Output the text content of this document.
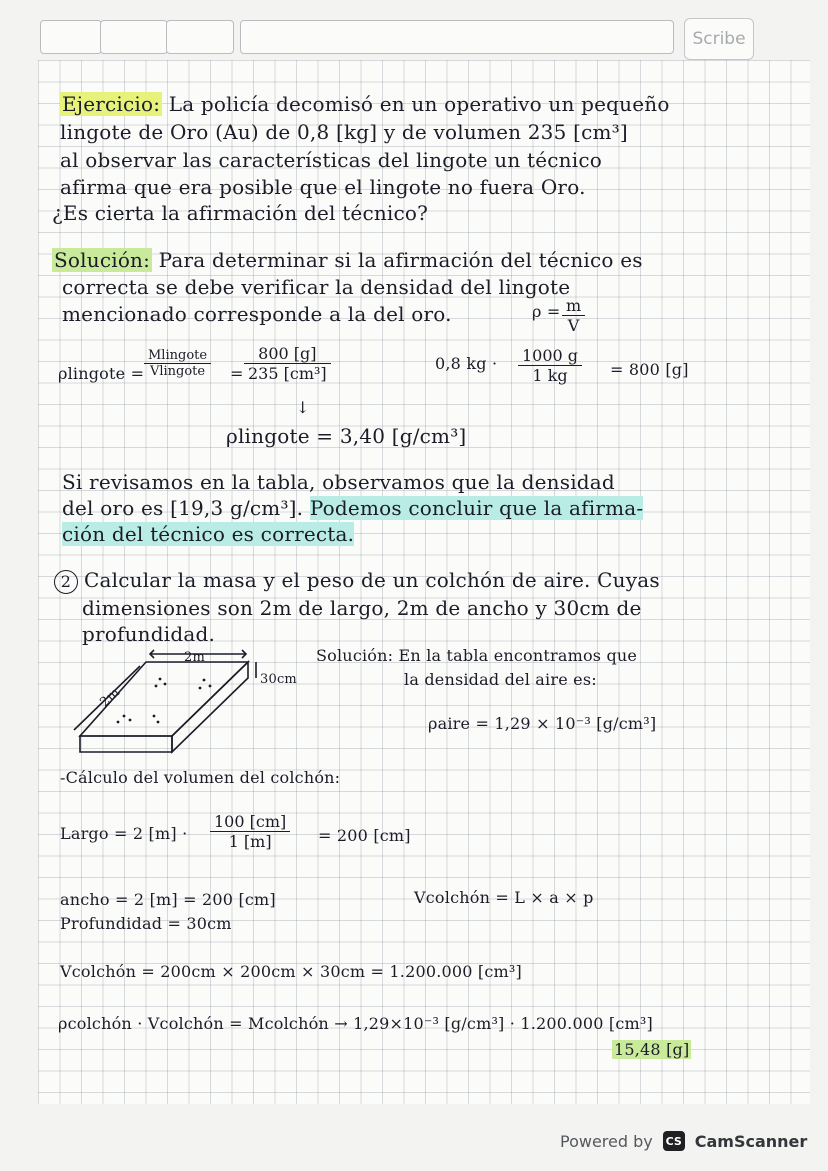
Scribe
Ejercicio: La policía decomisó en un operativo un pequeño
lingote de Oro (Au) de 0,8 [kg] y de volumen 235 [cm³]
al observar las características del lingote un técnico
afirma que era posible que el lingote no fuera Oro.
¿Es cierta la afirmación del técnico?
Solución: Para determinar si la afirmación del técnico es
correcta se debe verificar la densidad del lingote
mencionado corresponde a la del oro.	$\rho = \frac{m}{V}$
ρlingote =
Mlingote
Vlingote	= $\frac{800 [g]}{\text{235 [cm³]}}$	0,8 kg · $\frac{1000 g}{1 kg} = 800$ [g]
↓
ρlingote = 3,40 [g/cm³]
Si revisamos en la tabla, observamos que la densidad
del oro es [19,3 g/cm³]. Podemos concluir que la afirma-
ción del técnico es correcta.
2 Calcular la masa y el peso de un colchón de aire. Cuyas
dimensiones son 2m de largo, 2m de ancho y 30cm de
profundidad.
2m
2m
30cm
Solución: En la tabla encontramos que
la densidad del aire es:
ρaire = 1,29 × 10⁻³ [g/cm³]
-Cálculo del volumen del colchón:
Largo = 2 $[m] \cdot \frac{100 [cm]}{1 [m]} = 200$ [cm]
ancho = 2 [m] = 200 [cm]
Profundidad = 30cm
Vcolchón = L × a × p
Vcolchón = 200cm × 200cm × 30cm = 1.200.000 [cm³]
ρcolchón · Vcolchón = Mcolchón → 1,29×10⁻³ [g/cm³] · 1.200.000 [cm³]
15,48 [g]
Powered by CS CamScanner
